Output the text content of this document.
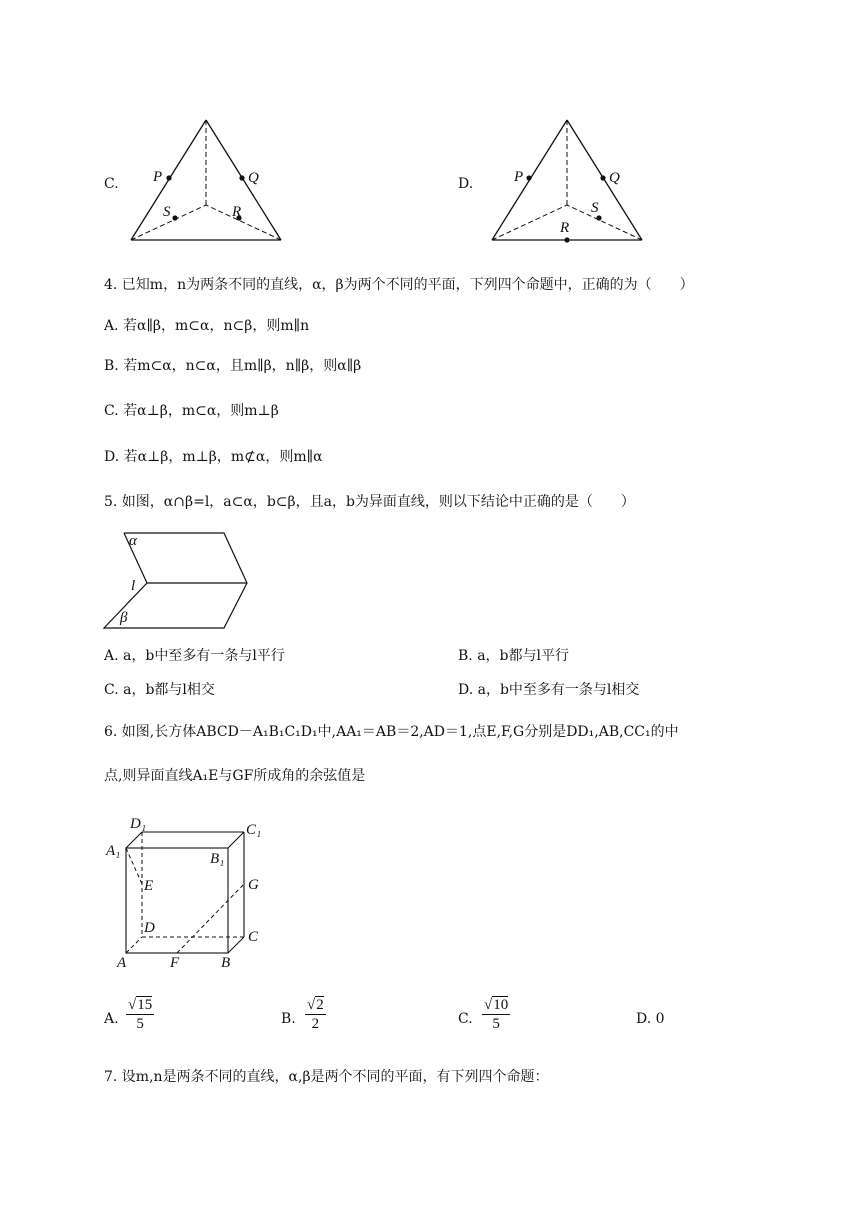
C. P	Q
S	R
D.	P	Q
S
R
4. 已知m，n为两条不同的直线，α，β为两个不同的平面，下列四个命题中，正确的为（　　）
A. 若α∥β，m⊂α，n⊂β，则m∥n
B. 若m⊂α，n⊂α，且m∥β，n∥β，则α∥β
C. 若α⊥β，m⊂α，则m⊥β
D. 若α⊥β，m⊥β，m⊄α，则m∥α
5. 如图，α∩β=l，a⊂α，b⊂β，且a，b为异面直线，则以下结论中正确的是（　　）
α
l
β
A. a，b中至多有一条与l平行	B. a，b都与l平行
C. a，b都与l相交	D. a，b中至多有一条与l相交
6. 如图,长方体ABCD－A₁B₁C₁D₁中,AA₁＝AB＝2,AD＝1,点E,F,G分别是DD₁,AB,CC₁的中
点,则异面直线A₁E与GF所成角的余弦值是
D₁	C₁
A₁	B₁
E	G
D
C
A	F	B
A. $\frac{√15}{5}$	B. $\frac{√2}{2}$	C. $\frac{√10}{5}$	D. 0
7. 设m,n是两条不同的直线，α,β是两个不同的平面，有下列四个命题：
